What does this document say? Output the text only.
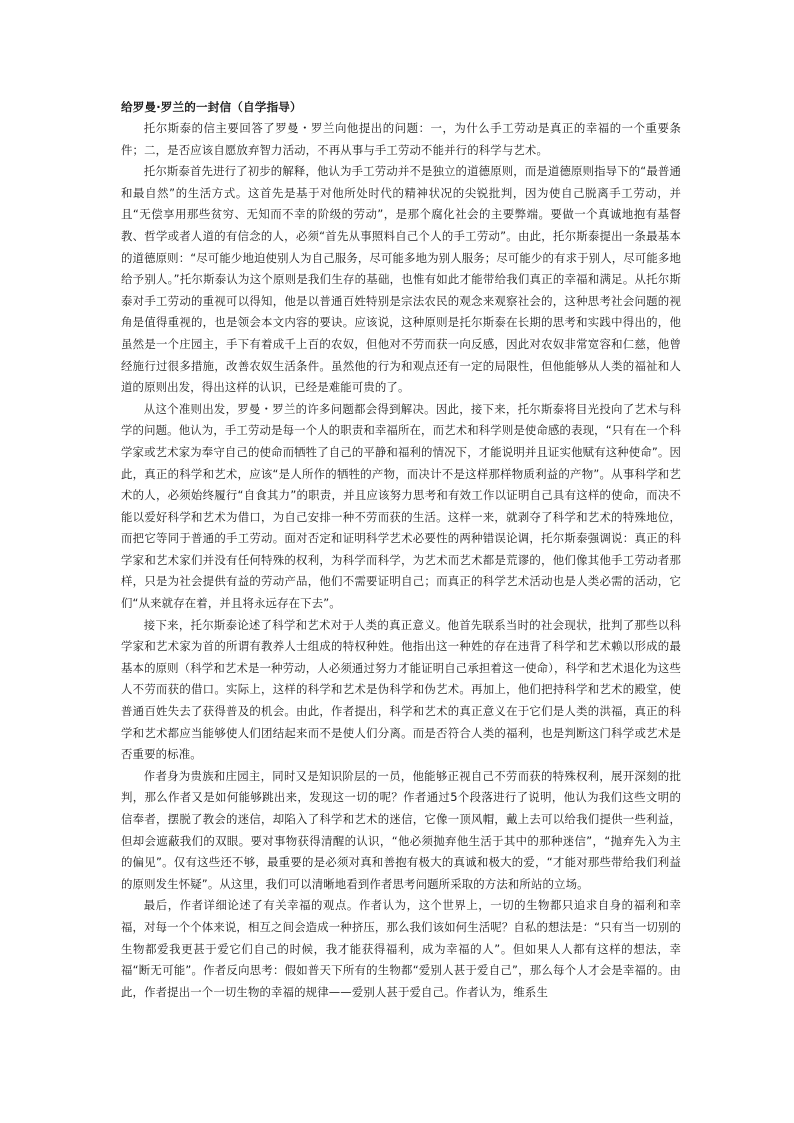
给罗曼·罗兰的一封信（自学指导）

托尔斯泰的信主要回答了罗曼・罗兰向他提出的问题：一，为什么手工劳动是真正的幸福的一个重要条件；二，是否应该自愿放弃智力活动，不再从事与手工劳动不能并行的科学与艺术。

托尔斯泰首先进行了初步的解释，他认为手工劳动并不是独立的道德原则，而是道德原则指导下的“最普通和最自然”的生活方式。这首先是基于对他所处时代的精神状况的尖锐批判，因为使自己脱离手工劳动，并且“无偿享用那些贫穷、无知而不幸的阶级的劳动”，是那个腐化社会的主要弊端。要做一个真诚地抱有基督教、哲学或者人道的有信念的人，必须“首先从事照料自己个人的手工劳动”。由此，托尔斯泰提出一条最基本的道德原则：“尽可能少地迫使别人为自己服务，尽可能多地为别人服务；尽可能少的有求于别人，尽可能多地给予别人。”托尔斯泰认为这个原则是我们生存的基础，也惟有如此才能带给我们真正的幸福和满足。从托尔斯泰对手工劳动的重视可以得知，他是以普通百姓特别是宗法农民的观念来观察社会的，这种思考社会问题的视角是值得重视的，也是领会本文内容的要诀。应该说，这种原则是托尔斯泰在长期的思考和实践中得出的，他虽然是一个庄园主，手下有着成千上百的农奴，但他对不劳而获一向反感，因此对农奴非常宽容和仁慈，他曾经施行过很多措施，改善农奴生活条件。虽然他的行为和观点还有一定的局限性，但他能够从人类的福祉和人道的原则出发，得出这样的认识，已经是难能可贵的了。

从这个准则出发，罗曼・罗兰的许多问题都会得到解决。因此，接下来，托尔斯泰将目光投向了艺术与科学的问题。他认为，手工劳动是每一个人的职责和幸福所在，而艺术和科学则是使命感的表现，“只有在一个科学家或艺术家为奉守自己的使命而牺牲了自己的平静和福利的情况下，才能说明并且证实他赋有这种使命”。因此，真正的科学和艺术，应该“是人所作的牺牲的产物，而决计不是这样那样物质利益的产物”。从事科学和艺术的人，必须始终履行“自食其力”的职责，并且应该努力思考和有效工作以证明自己具有这样的使命，而决不能以爱好科学和艺术为借口，为自己安排一种不劳而获的生活。这样一来，就剥夺了科学和艺术的特殊地位，而把它等同于普通的手工劳动。面对否定和证明科学艺术必要性的两种错误论调，托尔斯泰强调说：真正的科学家和艺术家们并没有任何特殊的权利，为科学而科学，为艺术而艺术都是荒谬的，他们像其他手工劳动者那样，只是为社会提供有益的劳动产品，他们不需要证明自己；而真正的科学艺术活动也是人类必需的活动，它们“从来就存在着，并且将永远存在下去”。

接下来，托尔斯泰论述了科学和艺术对于人类的真正意义。他首先联系当时的社会现状，批判了那些以科学家和艺术家为首的所谓有教养人士组成的特权种姓。他指出这一种姓的存在违背了科学和艺术赖以形成的最基本的原则（科学和艺术是一种劳动，人必须通过努力才能证明自己承担着这一使命），科学和艺术退化为这些人不劳而获的借口。实际上，这样的科学和艺术是伪科学和伪艺术。再加上，他们把持科学和艺术的殿堂，使普通百姓失去了获得普及的机会。由此，作者提出，科学和艺术的真正意义在于它们是人类的洪福，真正的科学和艺术都应当能够使人们团结起来而不是使人们分离。而是否符合人类的福利，也是判断这门科学或艺术是否重要的标准。

作者身为贵族和庄园主，同时又是知识阶层的一员，他能够正视自己不劳而获的特殊权利，展开深刻的批判，那么作者又是如何能够跳出来，发现这一切的呢？作者通过5个段落进行了说明，他认为我们这些文明的信奉者，摆脱了教会的迷信，却陷入了科学和艺术的迷信，它像一顶风帽，戴上去可以给我们提供一些利益，但却会遮蔽我们的双眼。要对事物获得清醒的认识，“他必须抛弃他生活于其中的那种迷信”，“抛弃先入为主的偏见”。仅有这些还不够，最重要的是必须对真和善抱有极大的真诚和极大的爱，“才能对那些带给我们利益的原则发生怀疑”。从这里，我们可以清晰地看到作者思考问题所采取的方法和所站的立场。

最后，作者详细论述了有关幸福的观点。作者认为，这个世界上，一切的生物都只追求自身的福利和幸福，对每一个个体来说，相互之间会造成一种挤压，那么我们该如何生活呢？自私的想法是：“只有当一切别的生物都爱我更甚于爱它们自己的时候，我才能获得福利，成为幸福的人”。但如果人人都有这样的想法，幸福“断无可能”。作者反向思考：假如普天下所有的生物都“爱别人甚于爱自己”，那么每个人才会是幸福的。由此，作者提出一个一切生物的幸福的规律——爱别人甚于爱自己。作者认为，维系生
